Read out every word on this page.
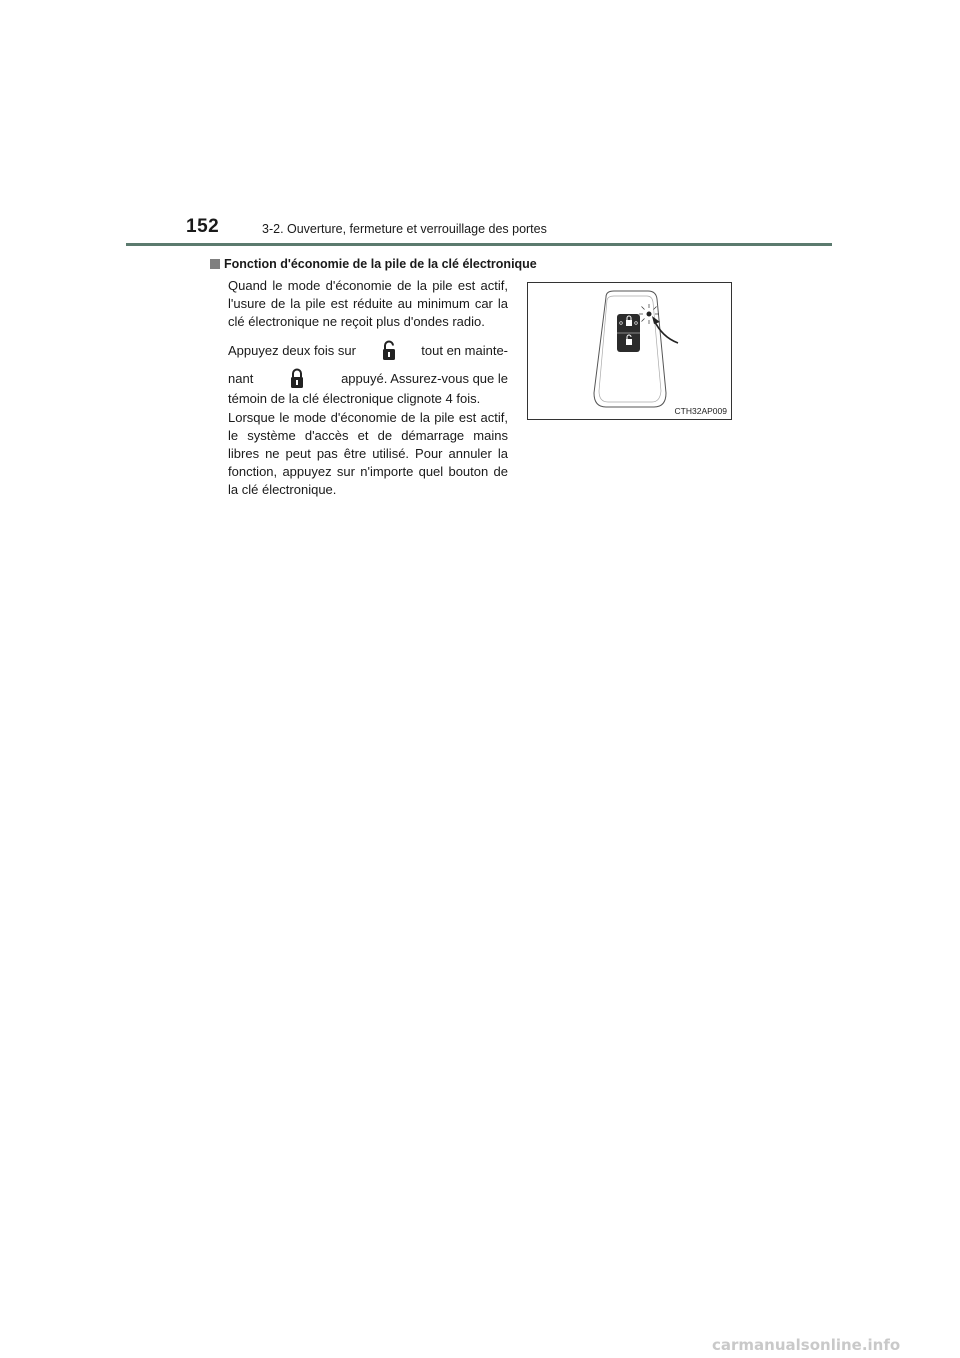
152	3-2. Ouverture, fermeture et verrouillage des portes
Fonction d'économie de la pile de la clé électronique
Quand le mode d'économie de la pile est actif, l'usure de la pile est réduite au minimum car la clé électronique ne reçoit plus d'ondes radio.
Appuyez deux fois sur	tout en mainte-
nant	appuyé. Assurez-vous que le
témoin de la clé électronique clignote 4 fois.
Lorsque le mode d'économie de la pile est actif, le système d'accès et de démarrage mains libres ne peut pas être utilisé. Pour annuler la fonction, appuyez sur n'importe quel bouton de la clé électronique.
CTH32AP009
carmanualsonline.info
